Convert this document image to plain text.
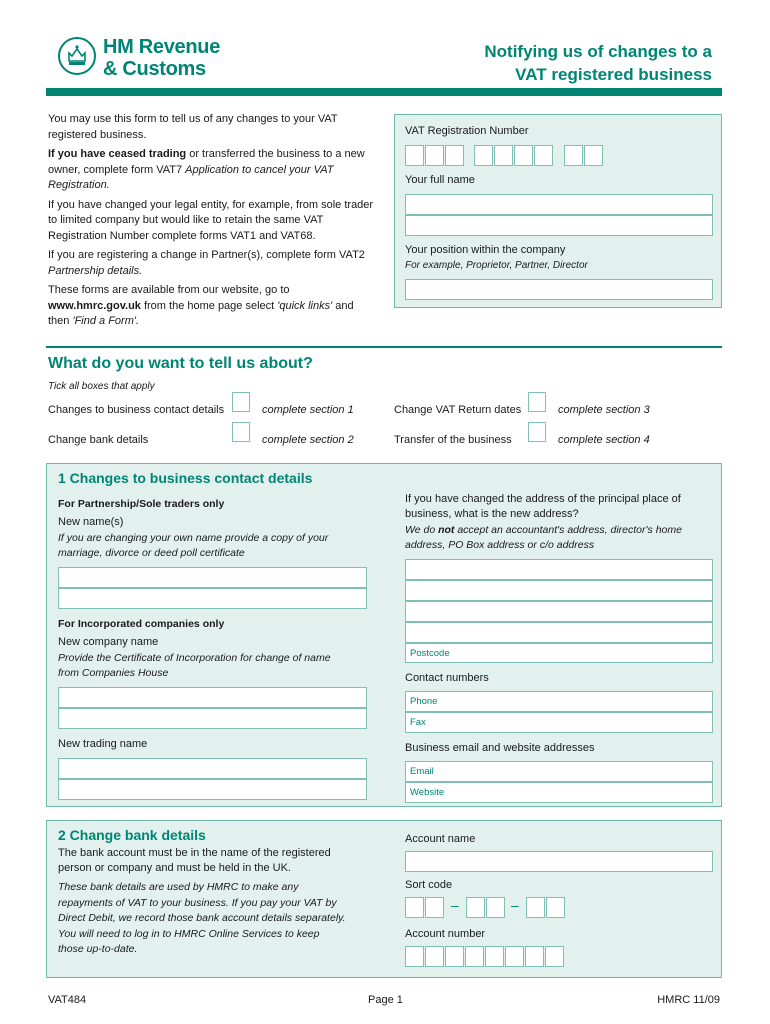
HM Revenue
& Customs
Notifying us of changes to a
VAT registered business

You may use this form to tell us of any changes to your VAT registered business.

If you have ceased trading or transferred the business to a new owner, complete form VAT7 Application to cancel your VAT Registration.

If you have changed your legal entity, for example, from sole trader to limited company but would like to retain the same VAT Registration Number complete forms VAT1 and VAT68.

If you are registering a change in Partner(s), complete form VAT2 Partnership details.

These forms are available from our website, go to www.hmrc.gov.uk from the home page select 'quick links' and then 'Find a Form'.

VAT Registration Number
Your full name
Your position within the company
For example, Proprietor, Partner, Director
What do you want to tell us about?
Tick all boxes that apply
Changes to business contact details	complete section 1
Change bank details	complete section 2
Change VAT Return dates	complete section 3
Transfer of the business	complete section 4
1 Changes to business contact details
For Partnership/Sole traders only
New name(s)
If you are changing your own name provide a copy of your marriage, divorce or deed poll certificate
For Incorporated companies only
New company name
Provide the Certificate of Incorporation for change of name from Companies House
New trading name
If you have changed the address of the principal place of business, what is the new address?
We do not accept an accountant's address, director's home address, PO Box address or c/o address
Postcode
Contact numbers
Phone
Fax
Business email and website addresses
Email
Website
2 Change bank details
The bank account must be in the name of the registered person or company and must be held in the UK.
These bank details are used by HMRC to make any repayments of VAT to your business. If you pay your VAT by Direct Debit, we record those bank account details separately. You will need to log in to HMRC Online Services to keep those up-to-date.
Account name
Sort code
–	–
Account number
VAT484	Page 1	HMRC 11/09
